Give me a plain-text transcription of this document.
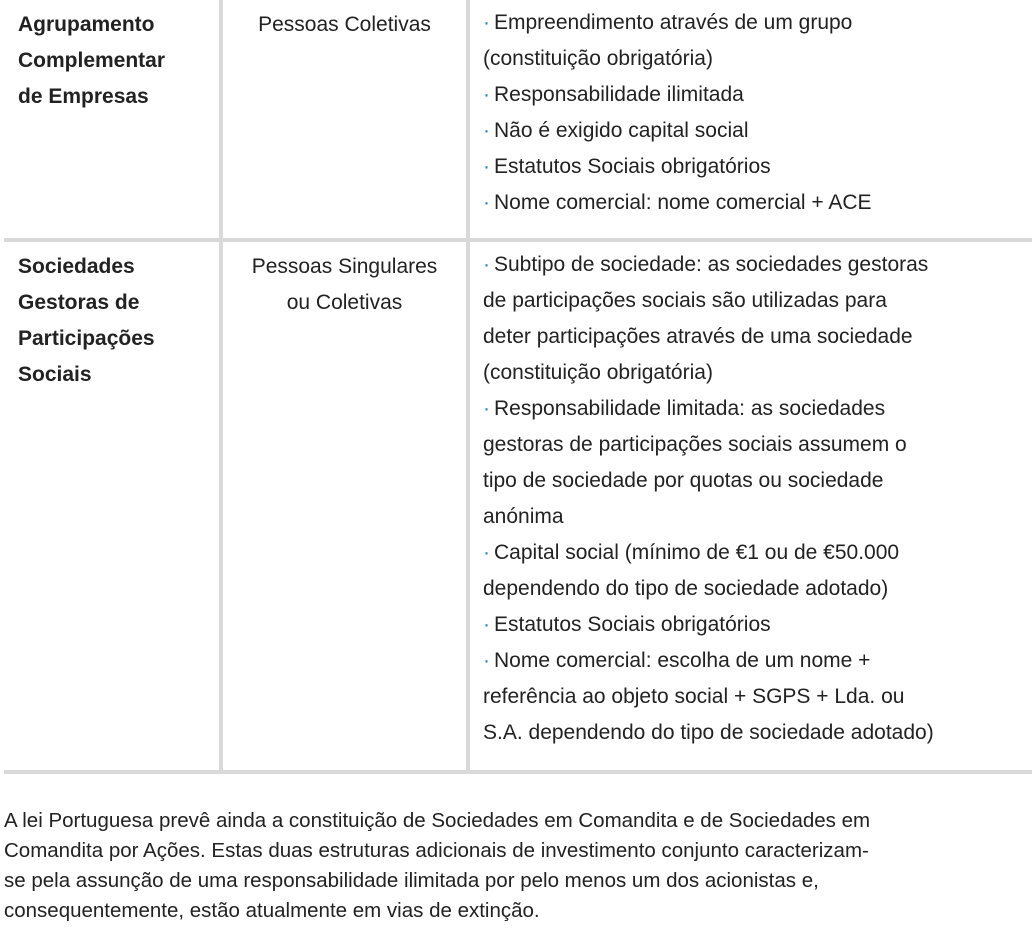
Agrupamento
Complementar
de Empresas
Pessoas Coletivas	· Empreendimento através de um grupo
(constituição obrigatória)
· Responsabilidade ilimitada
· Não é exigido capital social
· Estatutos Sociais obrigatórios
· Nome comercial: nome comercial + ACE
Sociedades
Gestoras de
Participações
Sociais
Pessoas Singulares
ou Coletivas
· Subtipo de sociedade: as sociedades gestoras
de participações sociais são utilizadas para
deter participações através de uma sociedade
(constituição obrigatória)
· Responsabilidade limitada: as sociedades
gestoras de participações sociais assumem o
tipo de sociedade por quotas ou sociedade
anónima
· Capital social (mínimo de €1 ou de €50.000
dependendo do tipo de sociedade adotado)
· Estatutos Sociais obrigatórios
· Nome comercial: escolha de um nome +
referência ao objeto social + SGPS + Lda. ou
S.A. dependendo do tipo de sociedade adotado)
A lei Portuguesa prevê ainda a constituição de Sociedades em Comandita e de Sociedades em
Comandita por Ações. Estas duas estruturas adicionais de investimento conjunto caracterizam-
se pela assunção de uma responsabilidade ilimitada por pelo menos um dos acionistas e,
consequentemente, estão atualmente em vias de extinção.
